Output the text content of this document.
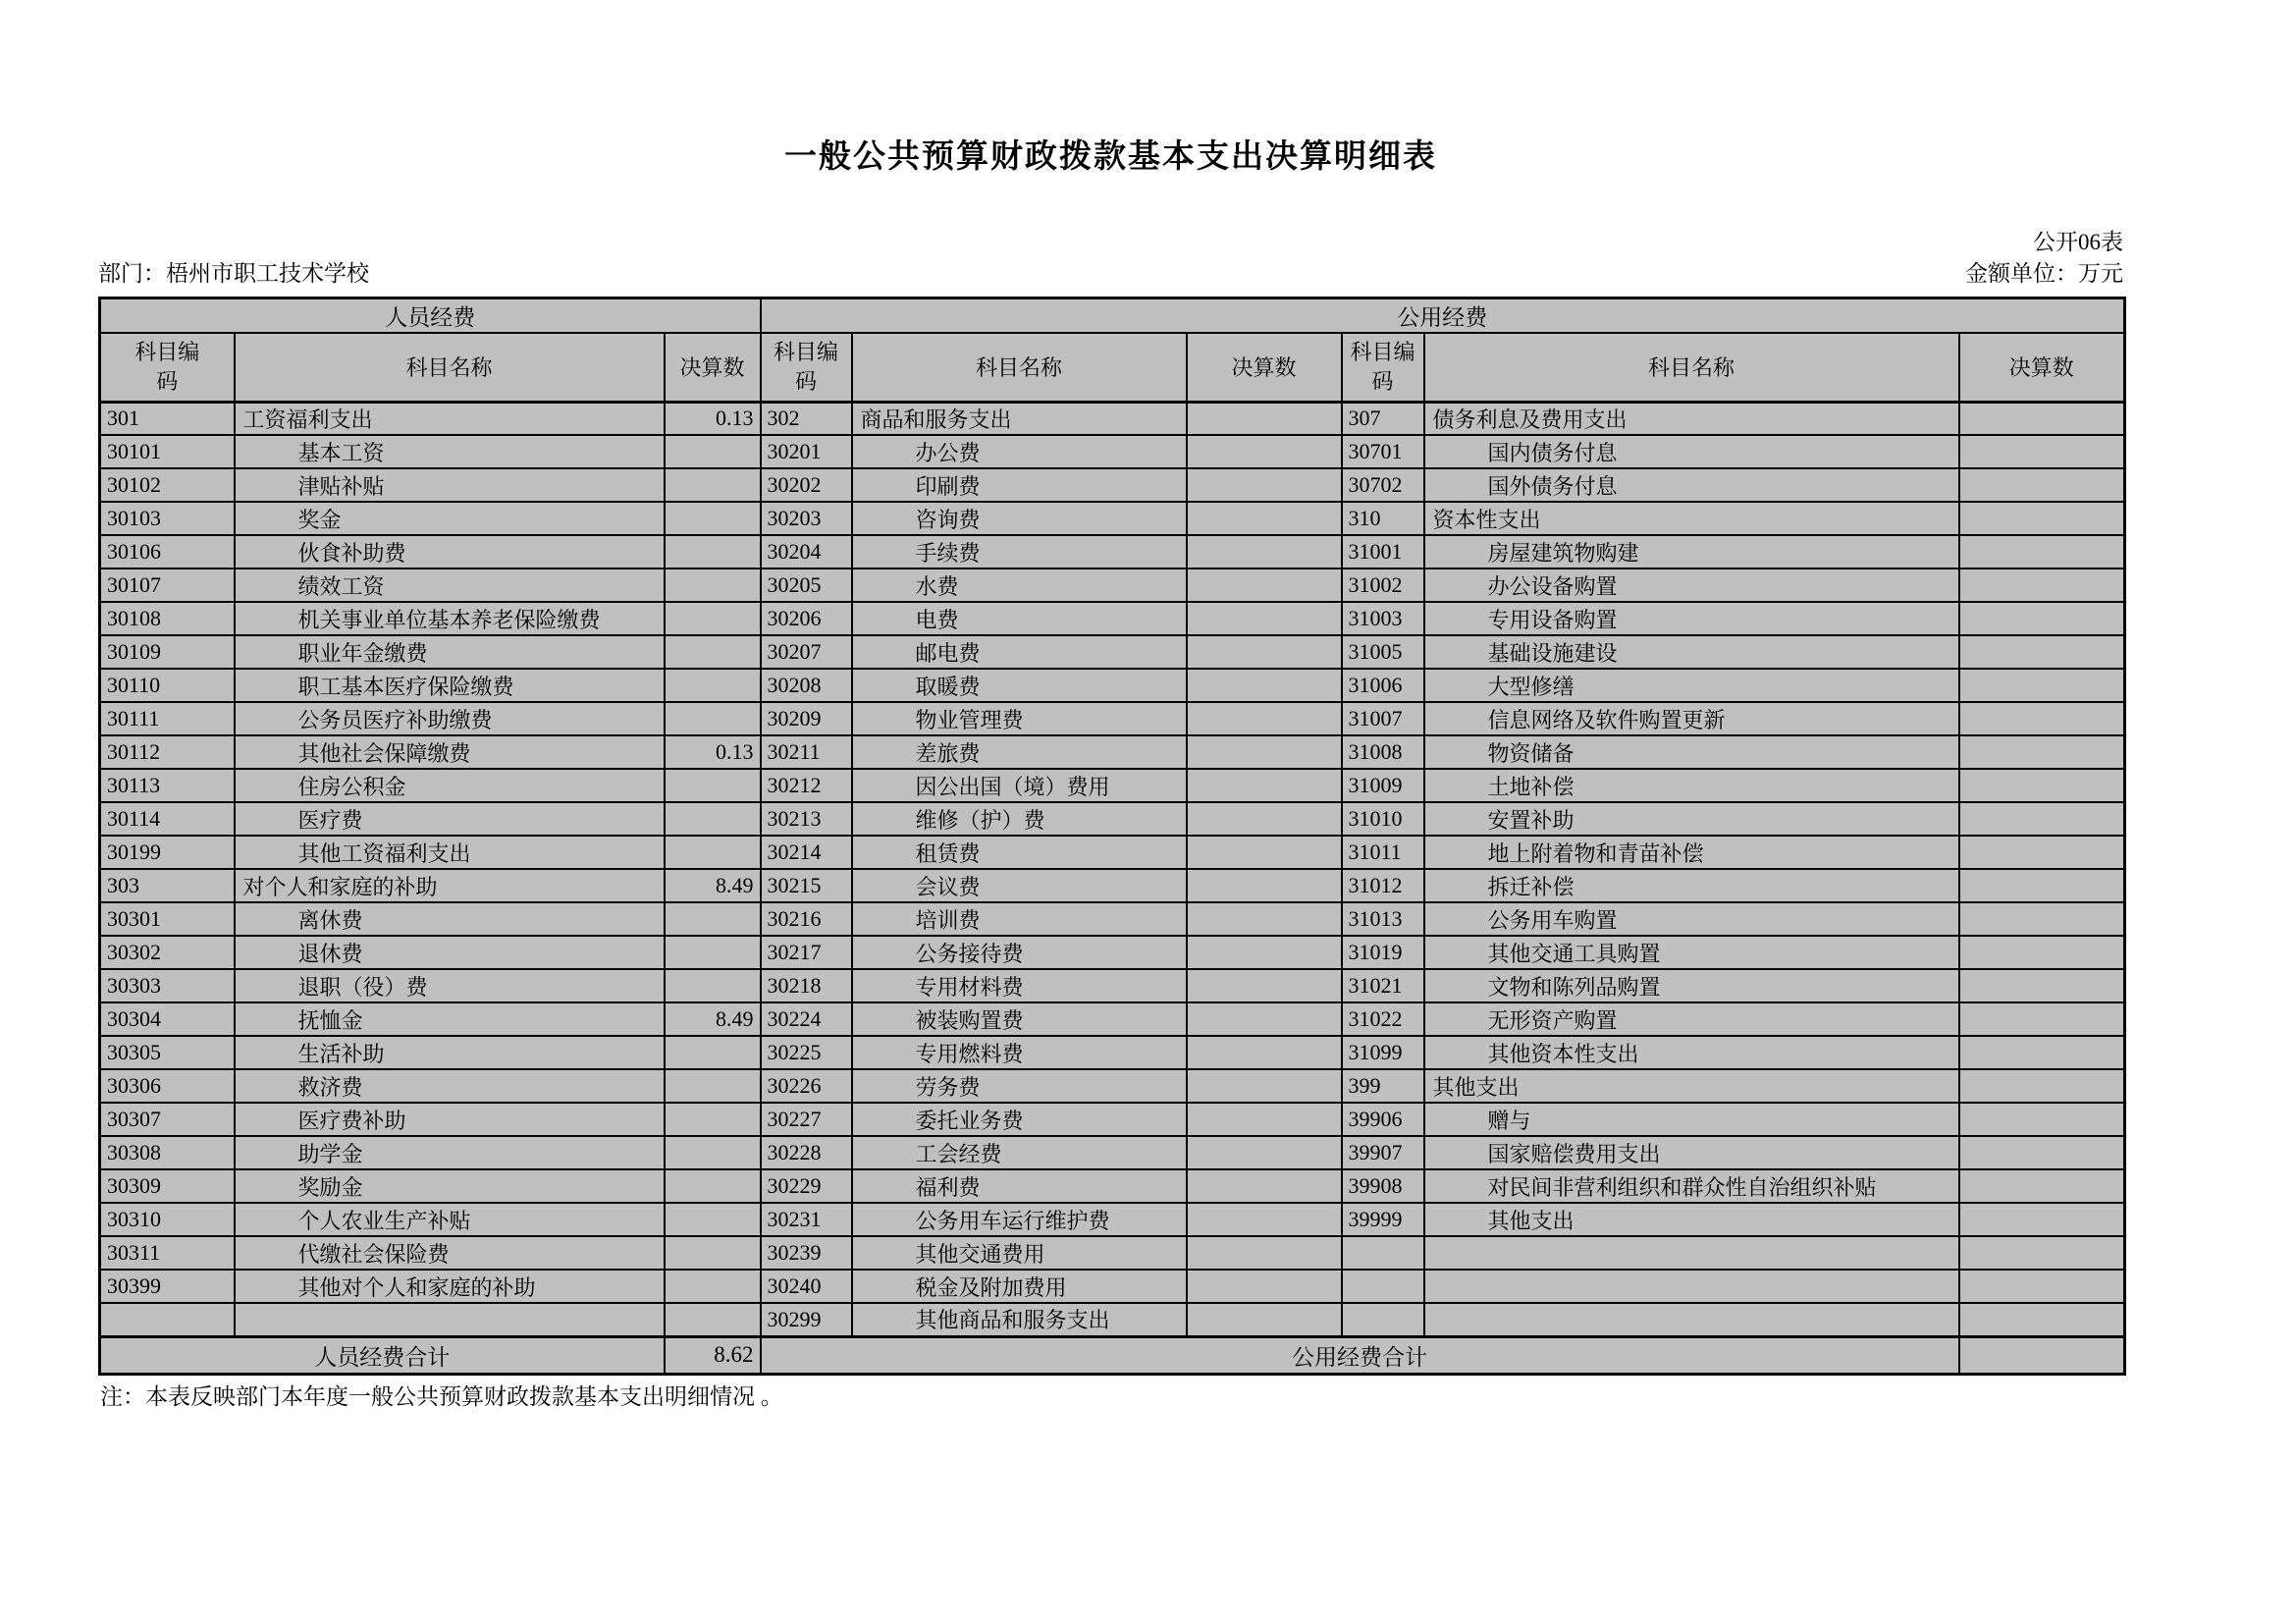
一般公共预算财政拨款基本支出决算明细表
公开06表
部门：梧州市职工技术学校	金额单位：万元
人员经费			公用经费					
科目编码	科目名称	决算数	科目编码	科目名称	决算数	科目编码	科目名称	决算数
301	工资福利支出	0.13	302	商品和服务支出		307	债务利息及费用支出	
30101	基本工资		30201	办公费		30701	国内债务付息	
30102	津贴补贴		30202	印刷费		30702	国外债务付息	
30103	奖金		30203	咨询费		310	资本性支出	
30106	伙食补助费		30204	手续费		31001	房屋建筑物购建	
30107	绩效工资		30205	水费		31002	办公设备购置	
30108	机关事业单位基本养老保险缴费		30206	电费		31003	专用设备购置	
30109	职业年金缴费		30207	邮电费		31005	基础设施建设	
30110	职工基本医疗保险缴费		30208	取暖费		31006	大型修缮	
30111	公务员医疗补助缴费		30209	物业管理费		31007	信息网络及软件购置更新	
30112	其他社会保障缴费	0.13	30211	差旅费		31008	物资储备	
30113	住房公积金		30212	因公出国（境）费用		31009	土地补偿	
30114	医疗费		30213	维修（护）费		31010	安置补助	
30199	其他工资福利支出		30214	租赁费		31011	地上附着物和青苗补偿	
303	对个人和家庭的补助	8.49	30215	会议费		31012	拆迁补偿	
30301	离休费		30216	培训费		31013	公务用车购置	
30302	退休费		30217	公务接待费		31019	其他交通工具购置	
30303	退职（役）费		30218	专用材料费		31021	文物和陈列品购置	
30304	抚恤金	8.49	30224	被装购置费		31022	无形资产购置	
30305	生活补助		30225	专用燃料费		31099	其他资本性支出	
30306	救济费		30226	劳务费		399	其他支出	
30307	医疗费补助		30227	委托业务费		39906	赠与	
30308	助学金		30228	工会经费		39907	国家赔偿费用支出	
30309	奖励金		30229	福利费		39908	对民间非营利组织和群众性自治组织补贴	
30310	个人农业生产补贴		30231	公务用车运行维护费		39999	其他支出	
30311	代缴社会保险费		30239	其他交通费用				
30399	其他对个人和家庭的补助		30240	税金及附加费用				
			30299	其他商品和服务支出				
人员经费合计		8.62	公用经费合计					
注：本表反映部门本年度一般公共预算财政拨款基本支出明细情况 。
